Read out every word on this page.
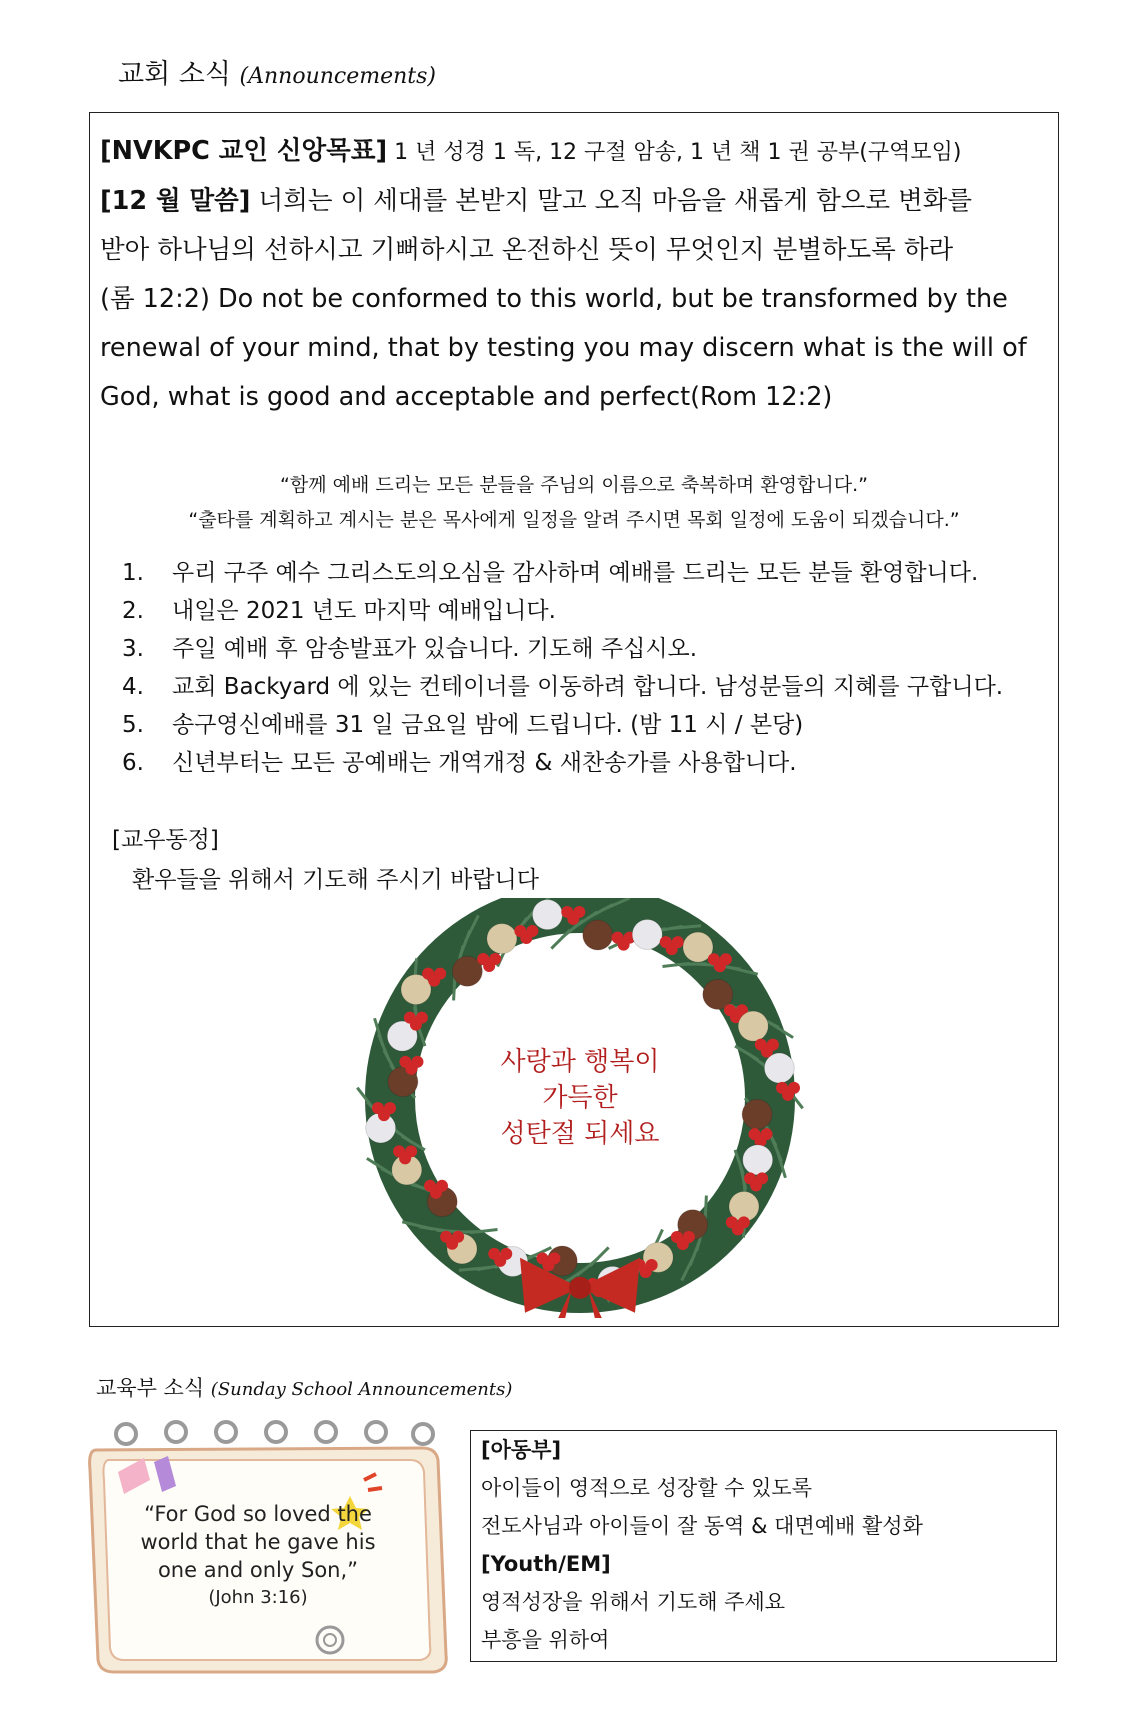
교회 소식 (Announcements)
[NVKPC 교인 신앙목표] 1 년 성경 1 독, 12 구절 암송, 1 년 책 1 권 공부(구역모임)
[12 월 말씀] 너희는 이 세대를 본받지 말고 오직 마음을 새롭게 함으로 변화를
받아 하나님의 선하시고 기뻐하시고 온전하신 뜻이 무엇인지 분별하도록 하라
(롬 12:2) Do not be conformed to this world, but be transformed by the
renewal of your mind, that by testing you may discern what is the will of
God, what is good and acceptable and perfect(Rom 12:2)
“함께 예배 드리는 모든 분들을 주님의 이름으로 축복하며 환영합니다.”
“출타를 계획하고 계시는 분은 목사에게 일정을 알려 주시면 목회 일정에 도움이 되겠습니다.”
1. 우리 구주 예수 그리스도의오심을 감사하며 예배를 드리는 모든 분들 환영합니다.
2. 내일은 2021 년도 마지막 예배입니다.
3. 주일 예배 후 암송발표가 있습니다. 기도해 주십시오.
4. 교회 Backyard 에 있는 컨테이너를 이동하려 합니다. 남성분들의 지혜를 구합니다.
5. 송구영신예배를 31 일 금요일 밤에 드립니다. (밤 11 시 / 본당)
6. 신년부터는 모든 공예배는 개역개정 & 새찬송가를 사용합니다.
[교우동정]
환우들을 위해서 기도해 주시기 바랍니다
사랑과 행복이
가득한
성탄절 되세요
교육부 소식 (Sunday School Announcements)
“For God so loved the
world that he gave his
one and only Son,”
(John 3:16)
[아동부]
아이들이 영적으로 성장할 수 있도록
전도사님과 아이들이 잘 동역 & 대면예배 활성화
[Youth/EM]
영적성장을 위해서 기도해 주세요
부흥을 위하여
